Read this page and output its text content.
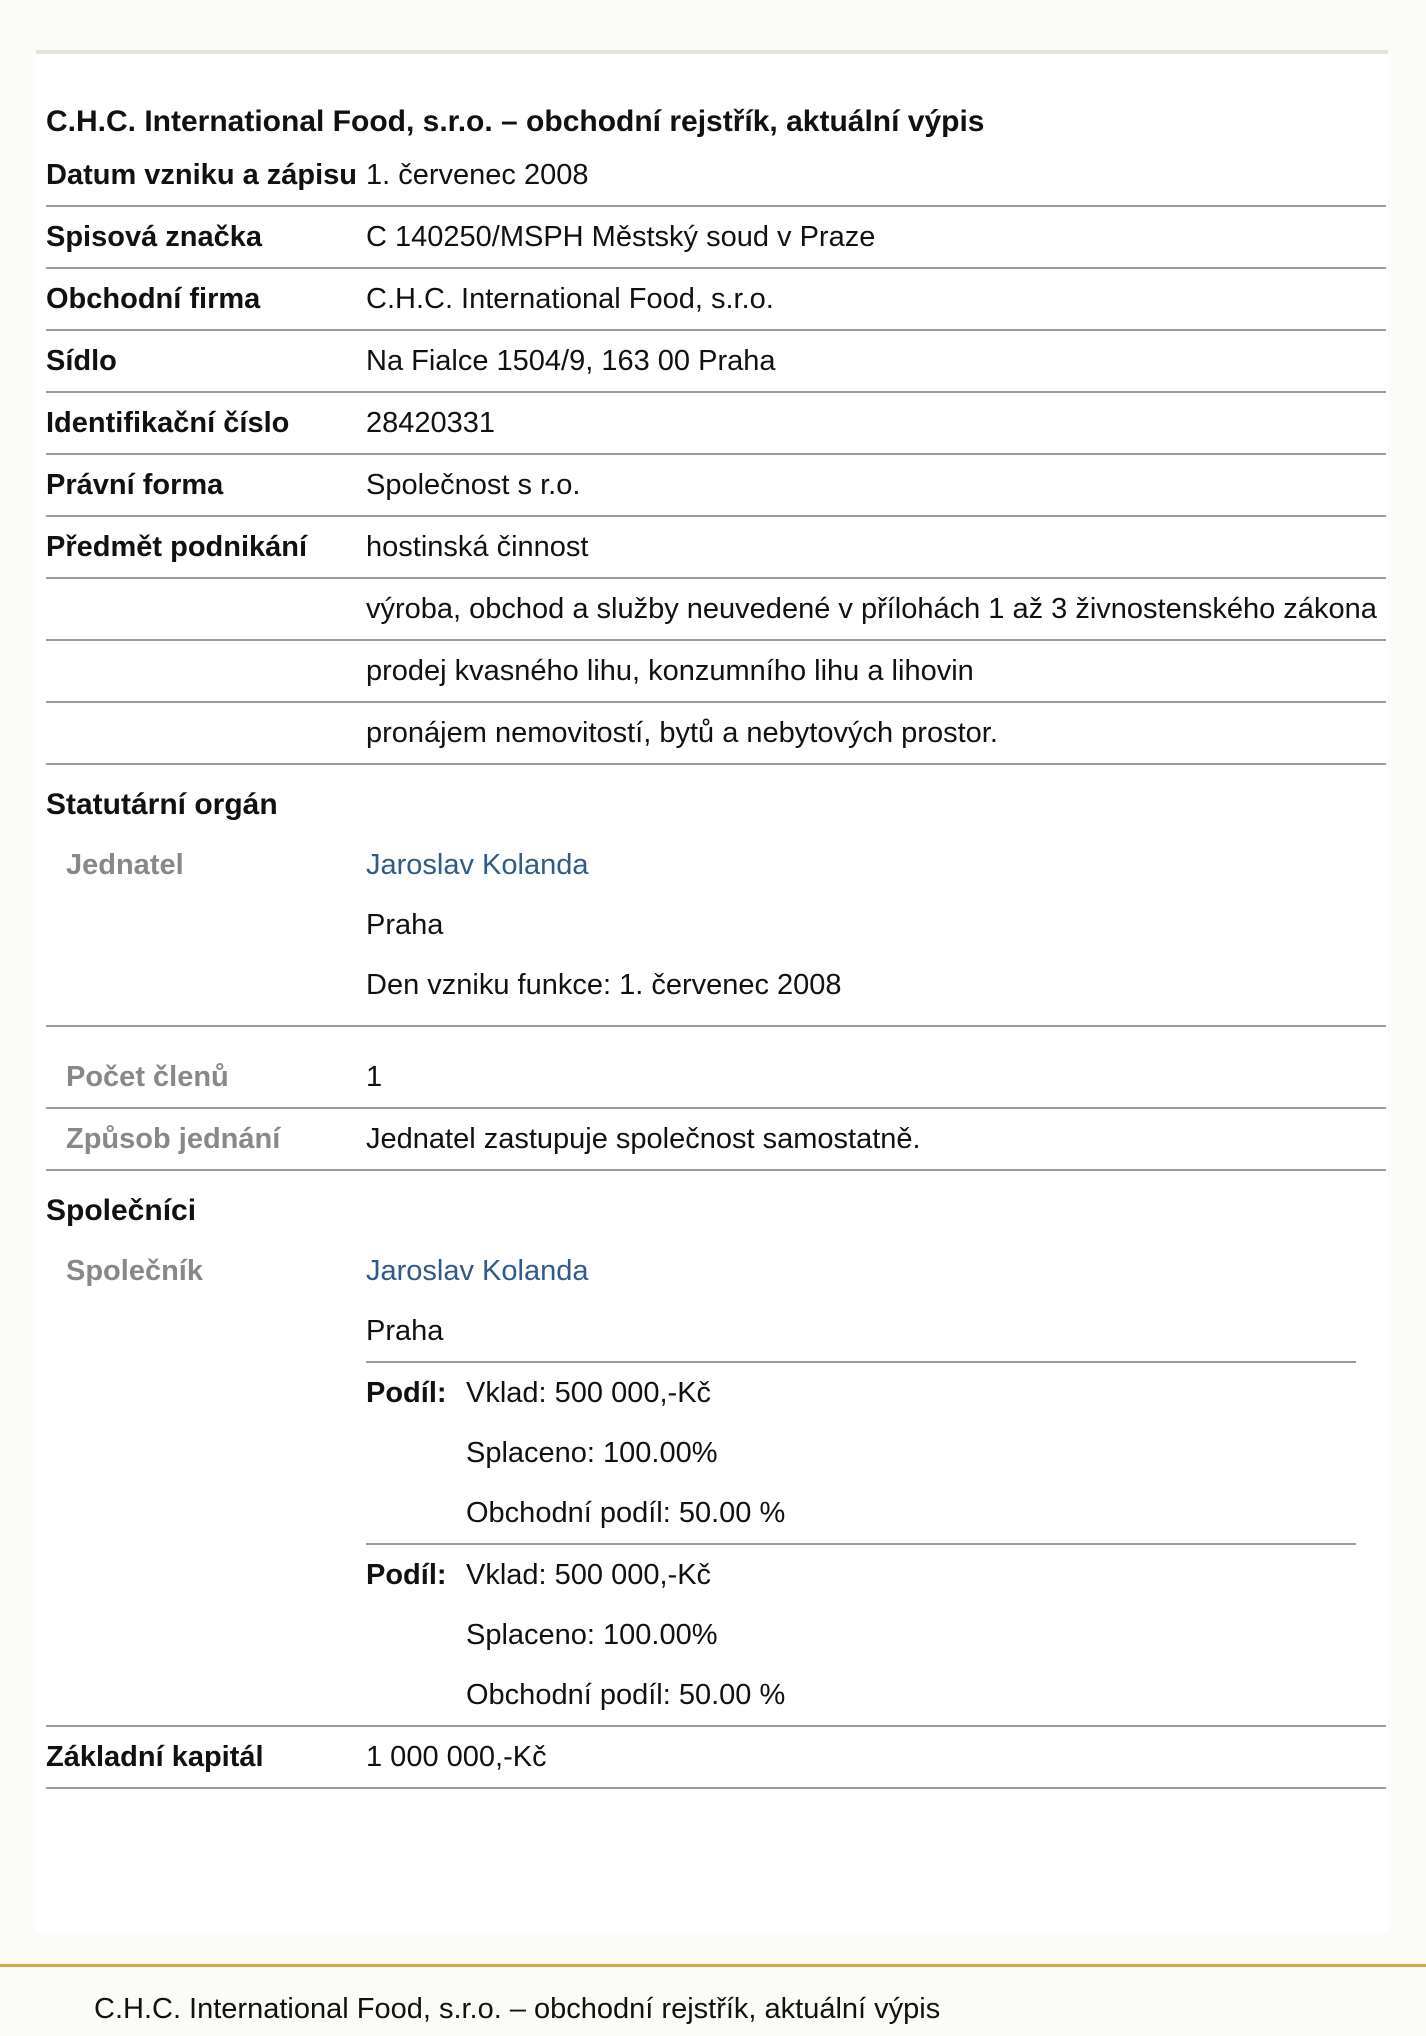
C.H.C. International Food, s.r.o. – obchodní rejstřík, aktuální výpis
Datum vzniku a zápisu 1. červenec 2008
Spisová značka	C 140250/MSPH Městský soud v Praze
Obchodní firma	C.H.C. International Food, s.r.o.
Sídlo	Na Fialce 1504/9, 163 00 Praha
Identifikační číslo	28420331
Právní forma	Společnost s r.o.
Předmět podnikání	hostinská činnost
výroba, obchod a služby neuvedené v přílohách 1 až 3 živnostenského zákona
prodej kvasného lihu, konzumního lihu a lihovin
pronájem nemovitostí, bytů a nebytových prostor.
Statutární orgán
Jednatel	Jaroslav Kolanda
Praha
Den vzniku funkce: 1. červenec 2008
Počet členů	1
Způsob jednání	Jednatel zastupuje společnost samostatně.
Společníci
Společník	Jaroslav Kolanda
Praha
Podíl: Vklad: 500 000,-Kč
Splaceno: 100.00%
Obchodní podíl: 50.00 %
Podíl: Vklad: 500 000,-Kč
Splaceno: 100.00%
Obchodní podíl: 50.00 %
Základní kapitál	1 000 000,-Kč
C.H.C. International Food, s.r.o. – obchodní rejstřík, aktuální výpis
